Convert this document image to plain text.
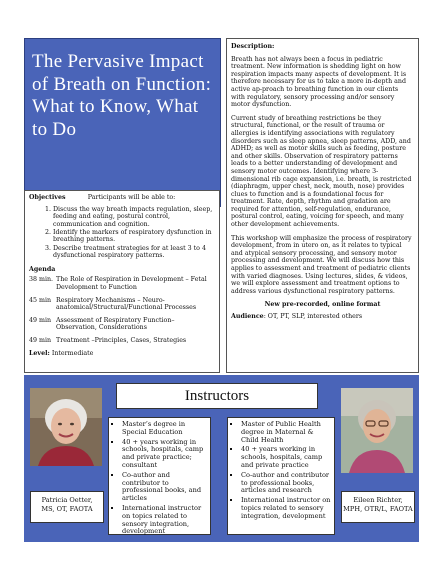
The Pervasive Impact of Breath on Function: What to Know, What to Do

Description:

Breath has not always been a focus in pediatric treatment. New information is shedding light on how respiration impacts many aspects of development. It is therefore necessary for us to take a more in-depth and active ap-proach to breathing function in our clients with regulatory, sensory processing and/or sensory motor dysfunction.

Current study of breathing restrictions be they structural, functional, or the result of trauma or allergies is identifying associations with regulatory disorders such as sleep apnea, sleep patterns, ADD, and ADHD; as well as motor skills such as feeding, posture and other skills. Observation of respiratory patterns leads to a better understanding of development and sensory motor outcomes. Identifying where 3-dimensional rib cage expansion, i.e. breath, is restricted (diaphragm, upper chest, neck, mouth, nose) provides clues to function and is a foundational focus for treatment. Rate, depth, rhythm and gradation are required for attention, self-regulation, endurance, postural control, eating, voicing for speech, and many other development achievements.

This workshop will emphasize the process of respiratory development, from in utero on, as it relates to typical and atypical sensory processing, and sensory motor processing and development. We will discuss how this applies to assessment and treatment of pediatric clients with varied diagnoses. Using lectures, slides, & videos, we will explore assessment and treatment options to address various dysfunctional respiratory patterns.

New pre-recorded, online format

Audience: OT, PT, SLP, interested others

Objectives	Participants will be able to:
1. Discuss the way breath impacts regulation, sleep, feeding and eating, postural control, communication and cognition.
2. Identify the markers of respiratory dysfunction in breathing patterns.
3. Describe treatment strategies for at least 3 to 4 dysfunctional respiratory patterns.
Agenda
38 min. The Role of Respiration in Development – Fetal Development to Function
45 min Respiratory Mechanisms – Neuro-anatomical/Structural/Functional Processes
49 min Assessment of Respiratory Function– Observation, Considerations
49 min Treatment –Principles, Cases, Strategies
Level: Intermediate
Instructors
Patricia Oetter,
MS, OT, FAOTA
▪ Master’s degree in Special Education
▪ 40 + years working in schools, hospitals, camp and private practice; consultant
▪ Co-author and contributor to professional books, and articles
▪ International instructor on topics related to sensory integration, development
▪ Master of Public Health degree in Maternal & Child Health
▪ 40 + years working in schools, hospitals, camp and private practice
▪ Co-author and contributor to professional books, articles and research
▪ International instructor on topics related to sensory integration, development
Eileen Richter,
MPH, OTR/L, FAOTA
